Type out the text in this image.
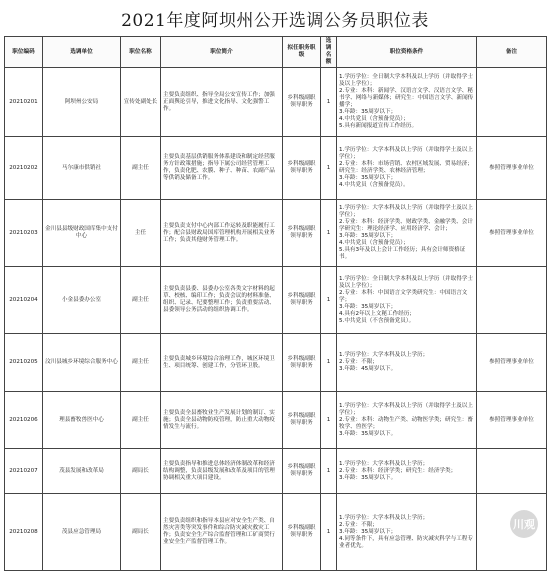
2021年度阿坝州公开选调公务员职位表
职位编码	选调单位	职位名称	职位简介	拟任职务职级	选调名额	职位资格条件	备注
20210201	阿坝州公安局	宣传处副处长	主要负责组织、指导全局公安宣传工作；加强正面舆论引导，推进文化指导、文化强警工作。	乡科级副职领导职务	1	1.学历学位：全日制大学本科及以上学历（并取得学士及以上学位）；
2.专业：本科：新闻学、汉语言文学、汉语言文学、秘书学、网络与新媒体；研究生：中国语言文学、新闻传播学；
3.年龄：35周岁以下；
4.中共党员（含预备党员）；
5.具有新闻报道宣传工作经历。	

20210202	马尔康市供销社	副主任	主要负责基层供销服务体系建设和制定经营服务方针政策措施；指导下属公司经营管理工作，负责化肥、农膜、种子、种苗、农副产品等供销及储备工作。	乡科级副职领导职务	1	1.学历学位：大学本科及以上学历（并取得学士及以上学位）；
2.专业：本科：市场营销、农村区域发展、贸易经济；研究生：经济学类、农林经济管理；
3.年龄：35周岁以下；
4.中共党员（含预备党员）。	参照管理事业单位
20210203	金川县县级财政国库集中支付中心	主任	主要负责支付中心内部工作运转及职能履行工作；配合县财政局国库管理机构开展相关业务工作；负责其他财务管理工作。	乡科级副职领导职务	1	1.学历学位：大学本科及以上学历（并取得学士及以上学位）；
2.专业：本科：经济学类、财政学类、金融学类、会计学研究生：理论经济学、应用经济学、会计；
3.年龄：35周岁以下；
4.中共党员（含预备党员）；
5.具有3年及以上会计工作经历；具有会计师资格证书。	参照管理事业单位
20210204	小金县委办公室	副主任	主要负责县委、县委办公室各类文字材料的起草、校核、编印工作；负责会议的材料准备、组织、记录、纪要整理工作；负责重要活动、县委领导公务活动的组织协调工作。	乡科级副职领导职务	1	1.学历学位：全日制大学本科及以上学历（并取得学士及以上学位）；
2.专业：本科：中国语言文学类研究生：中国语言文学；
3.年龄：35周岁以下；
4.具有2年以上文秘工作经历；
5.中共党员（不含预备党员）。	

20210205	汶川县城乡环境综合服务中心	副主任	主要负责城乡环境综合治理工作，城区环境卫生、项目统筹、创建工作，分管环卫股。	乡科级副职领导职务	1	1.学历学位：大学本科及以上学历；
2.专业：不限；
3.年龄：45周岁以下。	参照管理事业单位
20210206	理县畜牧兽医中心	副主任	主要负责全县畜牧业生产发展计划的制订、实施；负责全县动物防疫管理，防止重大动物疫情发生与流行。	乡科级副职领导职务	1	1.学历学位：大学本科及以上学历（并取得学士及以上学位）；
2.专业：本科：动物生产类、动物医学类；研究生：畜牧学、兽医学；
3.年龄：35周岁以下。	参照管理事业单位
20210207	茂县发展和改革局	副局长	主要负责指导和推进总体经济体制改革和经济结构调整，负责县级发展和改革及项目的管理协调相关重大项目建设。	乡科级副职领导职务	1	1.学历学位：大学本科及以上学历；
2.专业：本科：经济学类；研究生：经济学类；
3.年龄：35周岁以下。	

20210208	茂县应急管理局	副局长	主要负责组织和指导本县应对安全生产类、自然灾害类等突发事件和综合防灾减灾救灾工作；负责安全生产综合监督管理和工矿商贸行业安全生产监督管理工作。	乡科级副职领导职务	1	1.学历学位：大学本科及以上学历；
2.专业：不限；
3.年龄：35周岁以下；
4.同等条件下，具有应急管理、防灾减灾科学与工程专业者优先。	

川观
